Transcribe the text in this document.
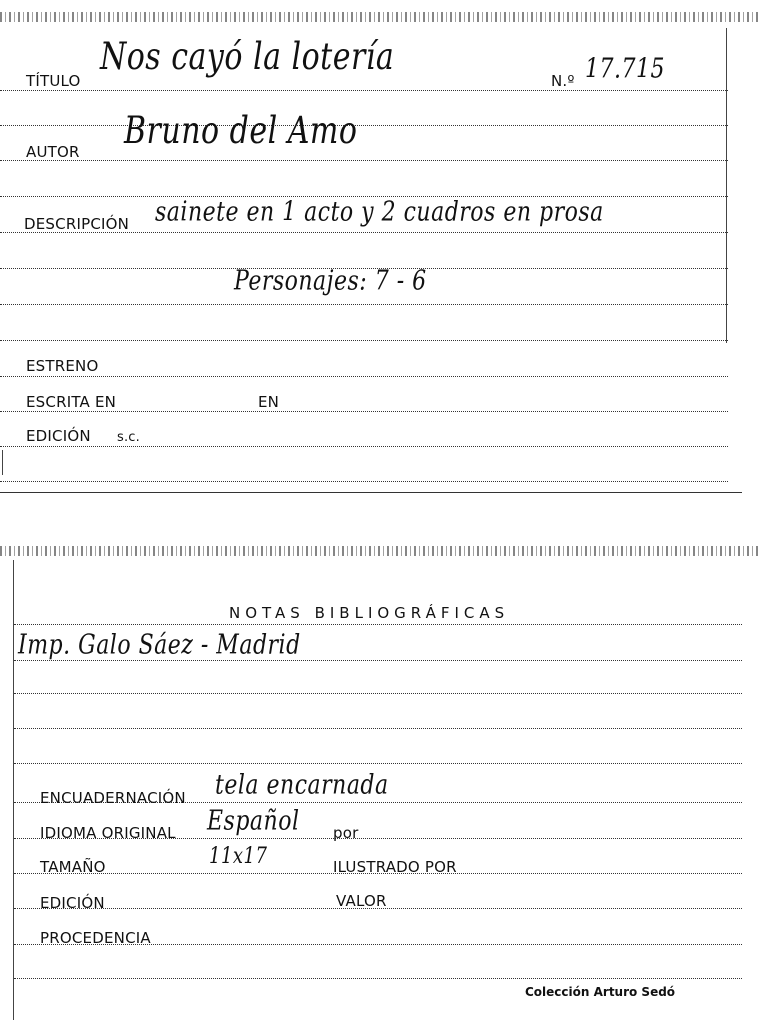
TÍTULO
Nos cayó la lotería
N.º 17.715
AUTOR Bruno del Amo
DESCRIPCIÓN sainete en 1 acto y 2 cuadros en prosa
Personajes: 7 - 6
ESTRENO
ESCRITA EN	EN
EDICIÓN s.c.
NOTAS BIBLIOGRÁFICAS
Imp. Galo Sáez - Madrid
ENCUADERNACIÓN tela encarnada
IDIOMA ORIGINAL Español por
TAMAÑO	11x17	ILUSTRADO POR
EDICIÓN	VALOR
PROCEDENCIA
Colección Arturo Sedó
